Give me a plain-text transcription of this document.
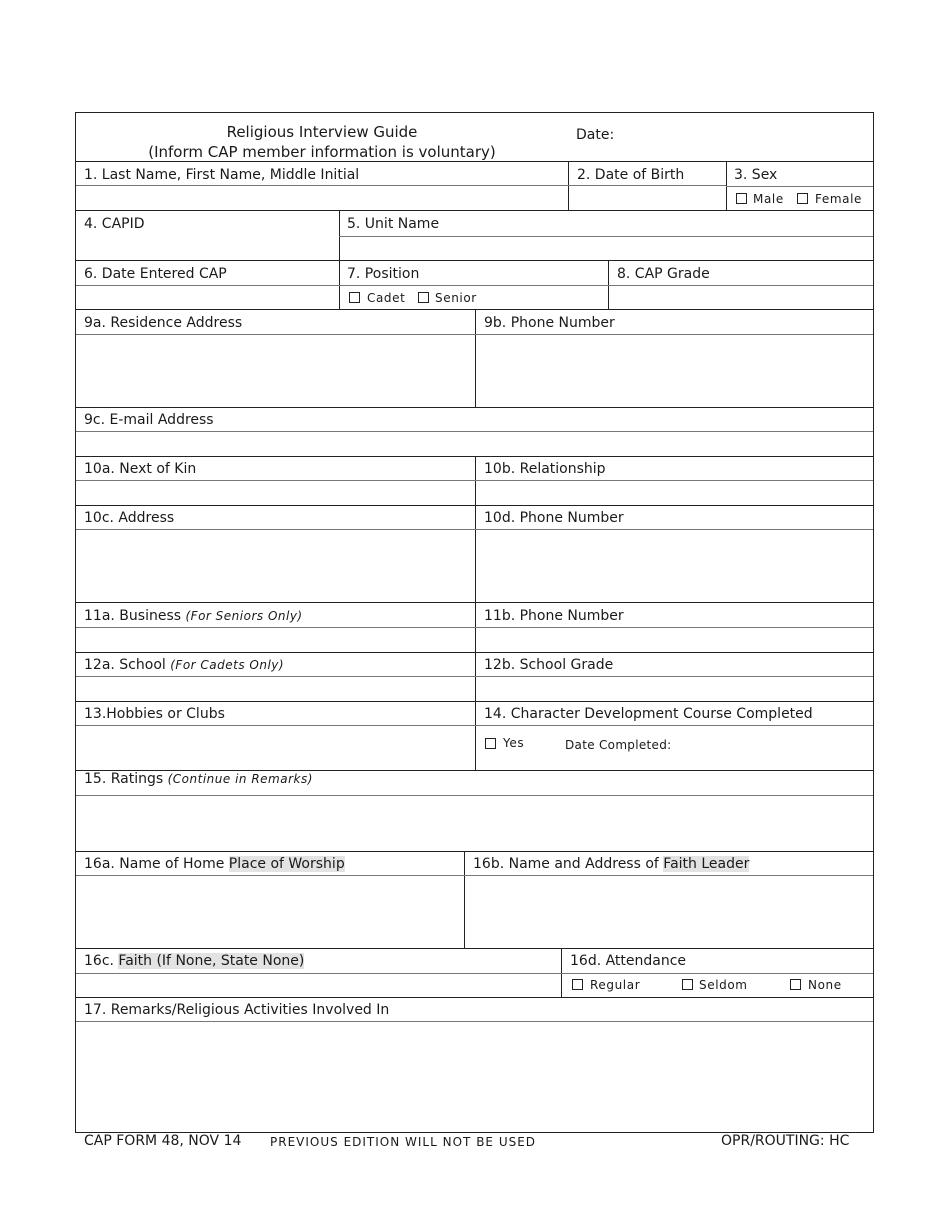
Religious Interview Guide
(Inform CAP member information is voluntary)
Date:
1. Last Name, First Name, Middle Initial	2. Date of Birth	3. Sex
Male	Female
4. CAPID	5. Unit Name
6. Date Entered CAP	7. Position	8. CAP Grade
Cadet Senior
9a. Residence Address	9b. Phone Number
9c. E-mail Address
10a. Next of Kin	10b. Relationship
10c. Address	10d. Phone Number
11a. Business (For Seniors Only)	11b. Phone Number
12a. School (For Cadets Only)	12b. School Grade
13.Hobbies or Clubs	14. Character Development Course Completed
Yes	Date Completed:
15. Ratings (Continue in Remarks)
16a. Name of Home Place of Worship	16b. Name and Address of Faith Leader
16c. Faith (If None, State None)	16d. Attendance
Regular	Seldom	None
17. Remarks/Religious Activities Involved In
CAP FORM 48, NOV 14 PREVIOUS EDITION WILL NOT BE USED	OPR/ROUTING: HC
